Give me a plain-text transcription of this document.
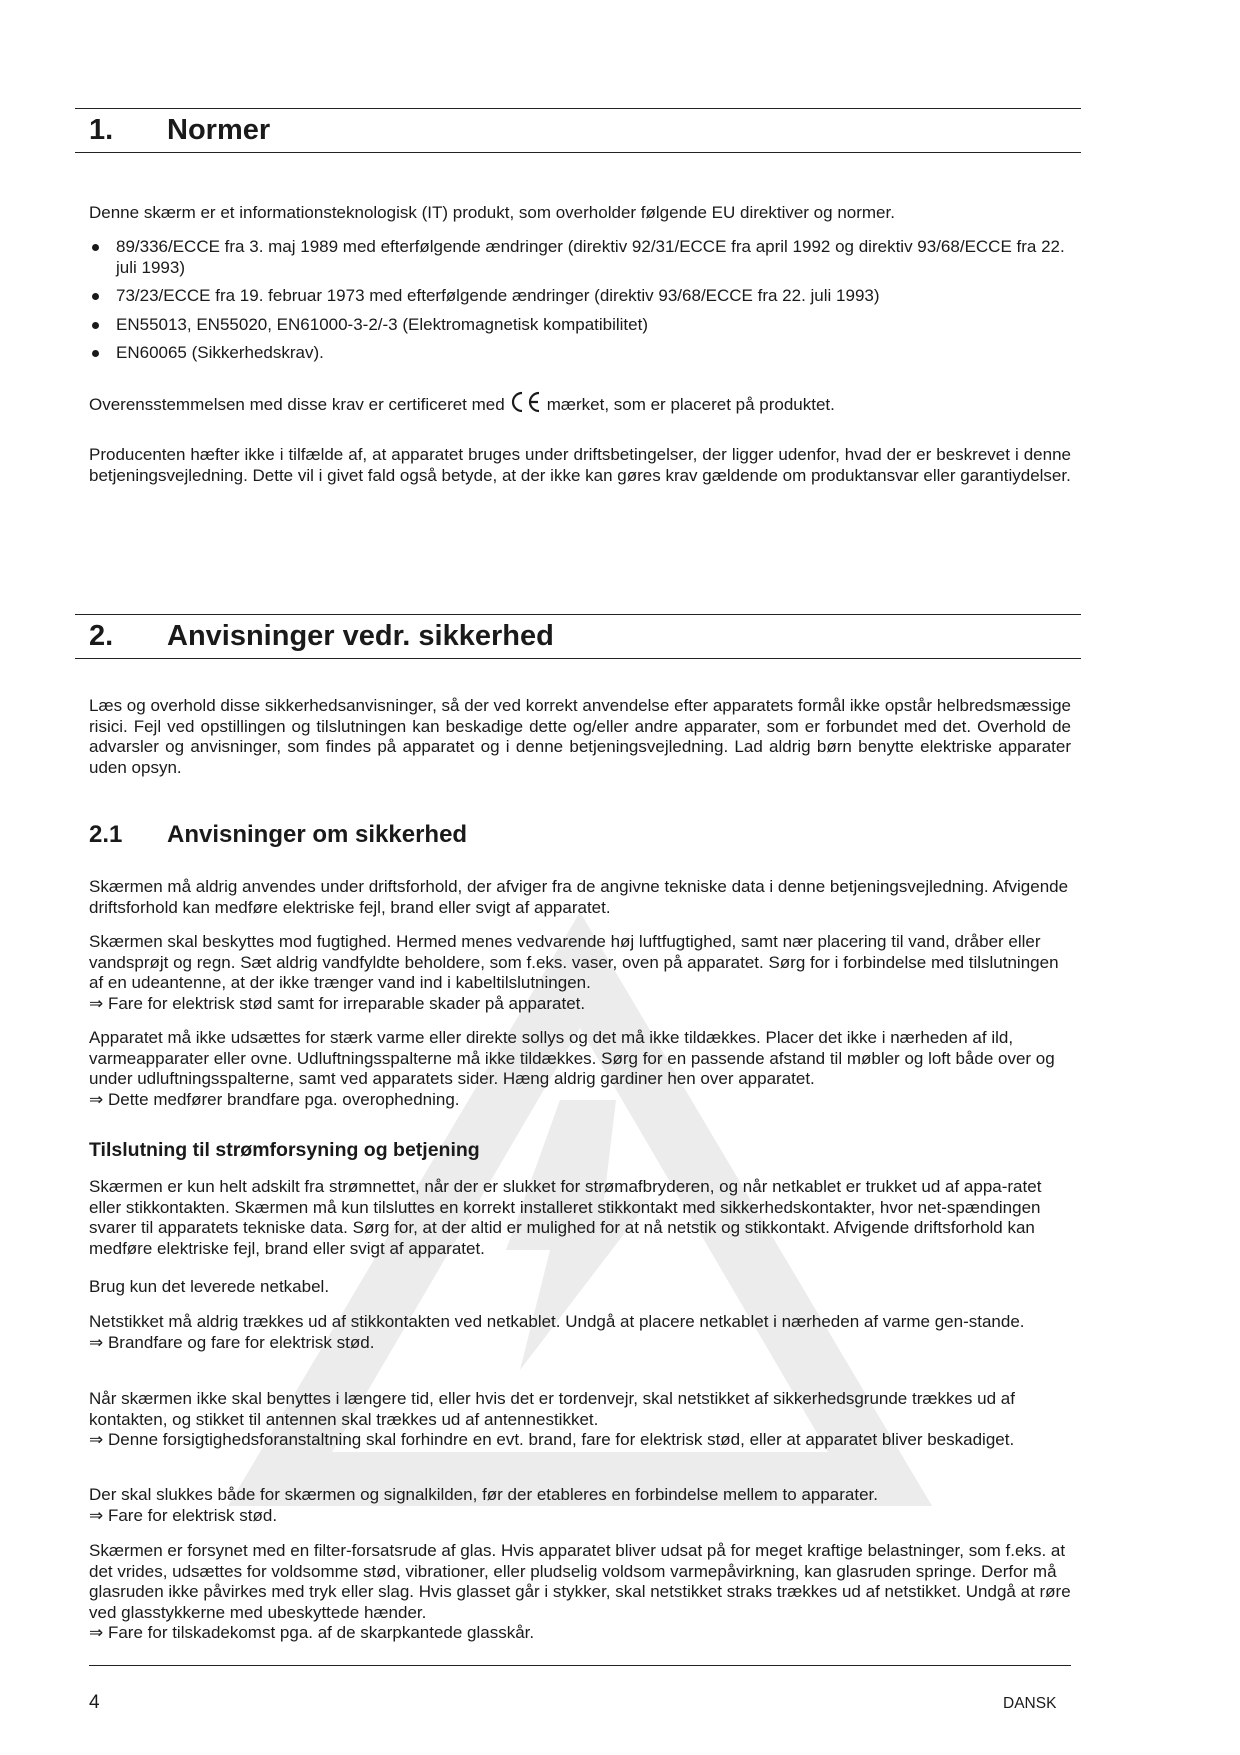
1. Normer

Denne skærm er et informationsteknologisk (IT) produkt, som overholder følgende EU direktiver og normer.

89/336/ECCE fra 3. maj 1989 med efterfølgende ændringer (direktiv 92/31/ECCE fra april 1992 og direktiv 93/68/ECCE fra 22. juli 1993)
73/23/ECCE fra 19. februar 1973 med efterfølgende ændringer (direktiv 93/68/ECCE fra 22. juli 1993)
EN55013, EN55020, EN61000-3-2/-3 (Elektromagnetisk kompatibilitet)
EN60065 (Sikkerhedskrav).

Overensstemmelsen med disse krav er certificeret med mærket, som er placeret på produktet.

Producenten hæfter ikke i tilfælde af, at apparatet bruges under driftsbetingelser, der ligger udenfor, hvad der er beskrevet i denne betjeningsvejledning. Dette vil i givet fald også betyde, at der ikke kan gøres krav gældende om produktansvar eller garantiydelser.

2. Anvisninger vedr. sikkerhed

Læs og overhold disse sikkerhedsanvisninger, så der ved korrekt anvendelse efter apparatets formål ikke opstår helbredsmæssige risici. Fejl ved opstillingen og tilslutningen kan beskadige dette og/eller andre apparater, som er forbundet med det. Overhold de advarsler og anvisninger, som findes på apparatet og i denne betjeningsvejledning. Lad aldrig børn benytte elektriske apparater uden opsyn.

2.1 Anvisninger om sikkerhed

Skærmen må aldrig anvendes under driftsforhold, der afviger fra de angivne tekniske data i denne betjeningsvejledning. Afvigende driftsforhold kan medføre elektriske fejl, brand eller svigt af apparatet.

Skærmen skal beskyttes mod fugtighed. Hermed menes vedvarende høj luftfugtighed, samt nær placering til vand, dråber eller vandsprøjt og regn. Sæt aldrig vandfyldte beholdere, som f.eks. vaser, oven på apparatet. Sørg for i forbindelse med tilslutningen af en udeantenne, at der ikke trænger vand ind i kabeltilslutningen.
⇒ Fare for elektrisk stød samt for irreparable skader på apparatet.

Apparatet må ikke udsættes for stærk varme eller direkte sollys og det må ikke tildækkes. Placer det ikke i nærheden af ild, varmeapparater eller ovne. Udluftningsspalterne må ikke tildækkes. Sørg for en passende afstand til møbler og loft både over og under udluftningsspalterne, samt ved apparatets sider. Hæng aldrig gardiner hen over apparatet.
⇒ Dette medfører brandfare pga. overophedning.

Tilslutning til strømforsyning og betjening

Skærmen er kun helt adskilt fra strømnettet, når der er slukket for strømafbryderen, og når netkablet er trukket ud af appa-ratet eller stikkontakten. Skærmen må kun tilsluttes en korrekt installeret stikkontakt med sikkerhedskontakter, hvor net-spændingen svarer til apparatets tekniske data. Sørg for, at der altid er mulighed for at nå netstik og stikkontakt. Afvigende driftsforhold kan medføre elektriske fejl, brand eller svigt af apparatet.

Brug kun det leverede netkabel.

Netstikket må aldrig trækkes ud af stikkontakten ved netkablet. Undgå at placere netkablet i nærheden af varme gen-stande.
⇒ Brandfare og fare for elektrisk stød.

Når skærmen ikke skal benyttes i længere tid, eller hvis det er tordenvejr, skal netstikket af sikkerhedsgrunde trækkes ud af kontakten, og stikket til antennen skal trækkes ud af antennestikket.
⇒ Denne forsigtighedsforanstaltning skal forhindre en evt. brand, fare for elektrisk stød, eller at apparatet bliver beskadiget.

Der skal slukkes både for skærmen og signalkilden, før der etableres en forbindelse mellem to apparater.
⇒ Fare for elektrisk stød.

Skærmen er forsynet med en filter-forsatsrude af glas. Hvis apparatet bliver udsat på for meget kraftige belastninger, som f.eks. at det vrides, udsættes for voldsomme stød, vibrationer, eller pludselig voldsom varmepåvirkning, kan glasruden springe. Derfor må glasruden ikke påvirkes med tryk eller slag. Hvis glasset går i stykker, skal netstikket straks trækkes ud af netstikket. Undgå at røre ved glasstykkerne med ubeskyttede hænder.
⇒ Fare for tilskadekomst pga. af de skarpkantede glasskår.

4	DANSK
